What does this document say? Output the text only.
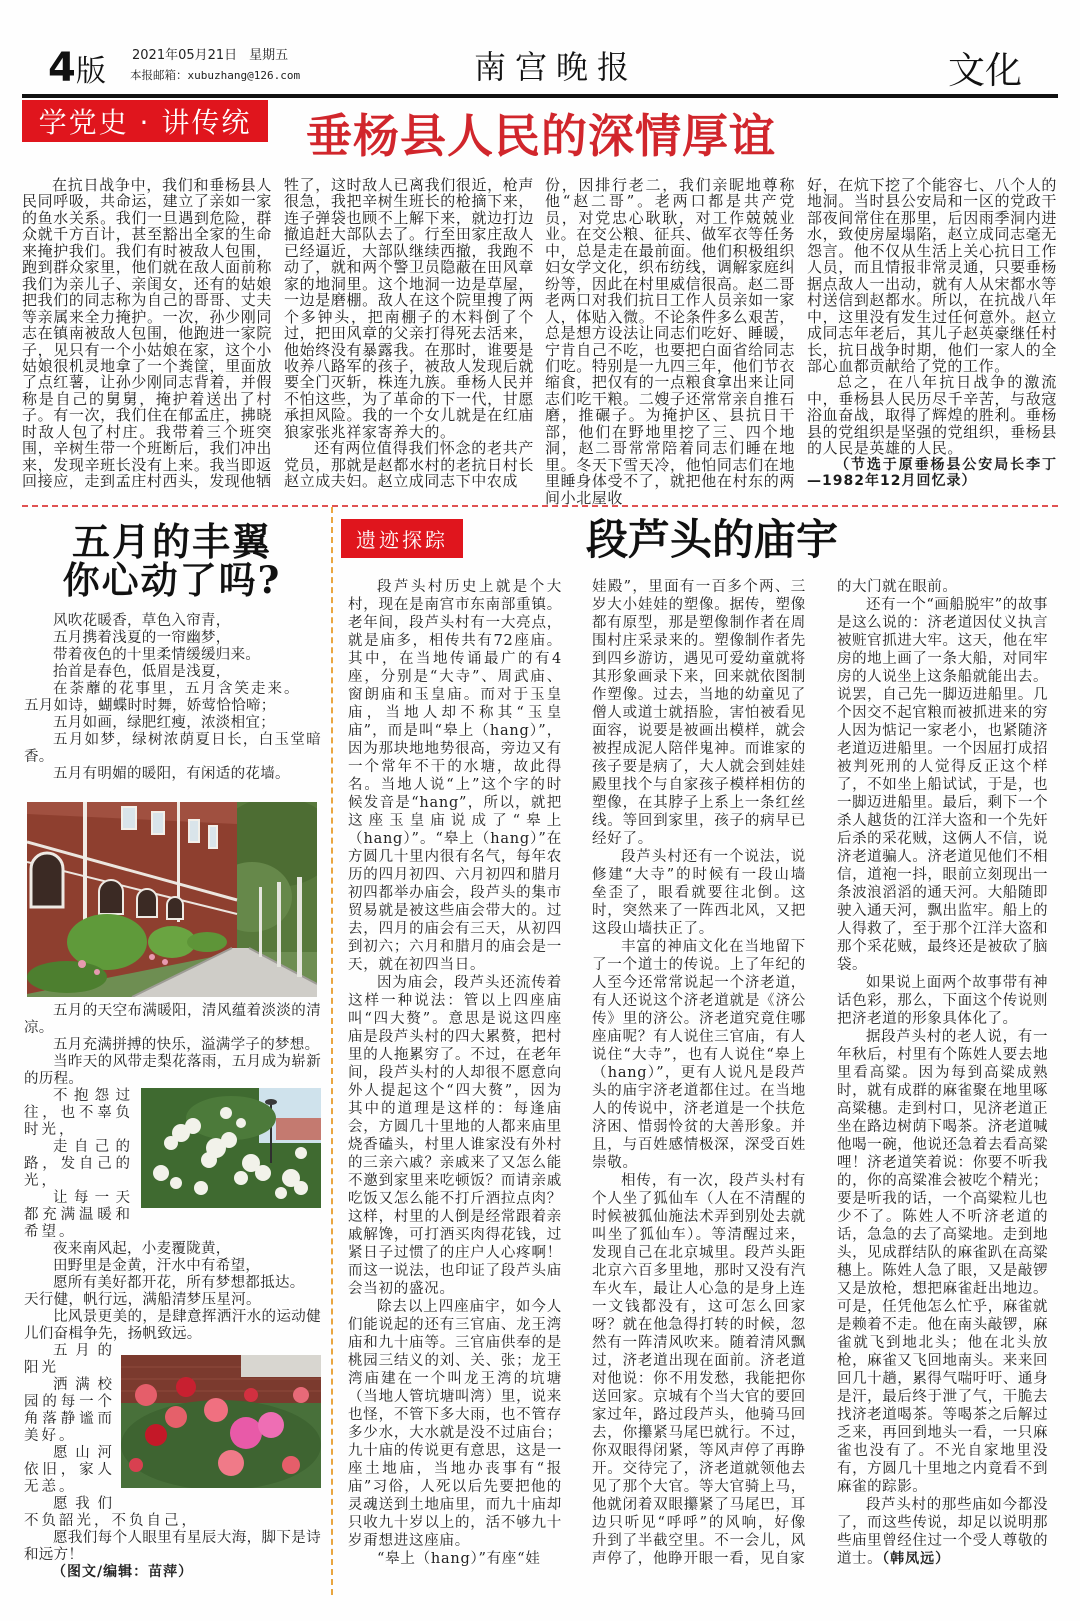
4版 2021年05月21日 星期五
本报邮箱：xubuzhang@126.com	南宫晚报	文化
学党史 · 讲传统	垂杨县人民的深情厚谊

在抗日战争中，我们和垂杨县人民同呼吸，共命运，建立了亲如一家的鱼水关系。我们一旦遇到危险，群众就千方百计，甚至豁出全家的生命来掩护我们。我们有时被敌人包围，跑到群众家里，他们就在敌人面前称我们为亲儿子、亲闺女，还有的姑娘把我们的同志称为自己的哥哥、丈夫等亲属来全力掩护。一次，孙少刚同志在镇南被敌人包围，他跑进一家院子，见只有一个小姑娘在家，这个小姑娘很机灵地拿了一个粪筐，里面放了点红薯，让孙少刚同志背着，并假称是自己的舅舅，掩护着送出了村子。有一次，我们住在郁孟庄，拂晓时敌人包了村庄。我带着三个班突围，辛树生带一个班断后，我们冲出来，发现辛班长没有上来。我当即返回接应，走到孟庄村西头，发现他牺

牲了，这时敌人已离我们很近，枪声很急，我把辛树生班长的枪摘下来，连子弹袋也顾不上解下来，就边打边撤追赶大部队去了。行至田家庄敌人已经逼近，大部队继续西撤，我跑不动了，就和两个警卫员隐蔽在田风章家的地洞里。这个地洞一边是草屋，一边是磨棚。敌人在这个院里搜了两个多钟头，把南棚子的木料倒了个过，把田风章的父亲打得死去活来，他始终没有暴露我。在那时，谁要是收养八路军的孩子，被敌人发现后就要全门灭斩，株连九族。垂杨人民并不怕这些，为了革命的下一代，甘愿承担风险。我的一个女儿就是在红庙狼家张兆祥家寄养大的。

还有两位值得我们怀念的老共产党员，那就是赵都水村的老抗日村长赵立成夫妇。赵立成同志下中农成

份，因排行老二，我们亲昵地尊称他“赵二哥”。老两口都是共产党员，对党忠心耿耿，对工作兢兢业业。在交公粮、征兵、做军衣等任务中，总是走在最前面。他们积极组织妇女学文化，织布纺线，调解家庭纠纷等，因此在村里威信很高。赵二哥老两口对我们抗日工作人员亲如一家人，体贴入微。不论条件多么艰苦，总是想方设法让同志们吃好、睡暖，宁肯自己不吃，也要把白面省给同志们吃。特别是一九四三年，他们节衣缩食，把仅有的一点粮食拿出来让同志们吃干粮。二嫂子还常常亲自推石磨，推碾子。为掩护区、县抗日干部，他们在野地里挖了三、四个地洞，赵二哥常常陪着同志们睡在地里。冬天下雪天冷，他怕同志们在地里睡身体受不了，就把他在村东的两间小北屋收

好，在炕下挖了个能容七、八个人的地洞。当时县公安局和一区的党政干部夜间常住在那里，后因雨季洞内进水，致使房屋塌陷，赵立成同志毫无怨言。他不仅从生活上关心抗日工作人员，而且情报非常灵通，只要垂杨据点敌人一出动，就有人从宋都水等村送信到赵都水。所以，在抗战八年中，这里没有发生过任何意外。赵立成同志年老后，其儿子赵英豪继任村长，抗日战争时期，他们一家人的全部心血都贡献给了党的工作。

总之，在八年抗日战争的激流中，垂杨县人民历尽千辛苦，与敌寇浴血奋战，取得了辉煌的胜利。垂杨县的党组织是坚强的党组织，垂杨县的人民是英雄的人民。

（节选于原垂杨县公安局长李丁—1982年12月回忆录）

五月的丰翼
你心动了吗?

风吹花暖香，草色入帘青，

五月携着浅夏的一帘幽梦，

带着夜色的十里柔情缓缓归来。

抬首是春色，低眉是浅夏，

在荼蘼的花事里，五月含笑走来。

五月如诗，蝴蝶时时舞，娇莺恰恰啼；

五月如画，绿肥红瘦，浓淡相宜；

五月如梦，绿树浓荫夏日长，白玉堂暗香。

五月有明媚的暖阳，有闲适的花墙。

五月的天空布满暖阳，清风蕴着淡淡的清凉。

五月充满拼搏的快乐，溢满学子的梦想。

当昨天的风带走梨花落雨，五月成为崭新的历程。

不抱怨过往，也不辜负时光，

走自己的路，发自己的光，

让每一天都充满温暖和希望。

夜来南风起，小麦覆陇黄，

田野里是金黄，汗水中有希望，

愿所有美好都开花，所有梦想都抵达。

天行健，帆行远，满船清梦压星河。

比风景更美的，是肆意挥洒汗水的运动健儿们奋楫争先，扬帆致远。

五月的阳光

洒满校园的每一个角落静谧而美好。

愿山河依旧，家人无恙。

愿我们不负韶光，不负自己，

愿我们每个人眼里有星辰大海，脚下是诗和远方！

（图文/编辑：苗萍）

遗迹探踪	段芦头的庙宇

段芦头村历史上就是个大村，现在是南宫市东南部重镇。老年间，段芦头村有一大亮点，就是庙多，相传共有72座庙。其中，在当地传诵最广的有4座，分别是“大寺”、周武庙、窗朗庙和玉皇庙。而对于玉皇庙，当地人却不称其“玉皇庙”，而是叫“皋上（hang）”，因为那块地地势很高，旁边又有一个常年不干的水塘，故此得名。当地人说“上”这个字的时候发音是“hang”，所以，就把这座玉皇庙说成了“皋上（hang）”。“皋上（hang）”在方圆几十里内很有名气，每年农历的四月初四、六月初四和腊月初四都举办庙会，段芦头的集市贸易就是被这些庙会带大的。过去，四月的庙会有三天，从初四到初六；六月和腊月的庙会是一天，就在初四当日。

因为庙会，段芦头还流传着这样一种说法：管以上四座庙叫“四大赘”。意思是说这四座庙是段芦头村的四大累赘，把村里的人拖累穷了。不过，在老年间，段芦头村的人却很不愿意向外人提起这个“四大赘”，因为其中的道理是这样的：每逢庙会，方圆几十里地的人都来庙里烧香磕头，村里人谁家没有外村的三亲六戚？亲戚来了又怎么能不邀到家里来吃顿饭？而请亲戚吃饭又怎么能不打斤酒拉点肉？这样，村里的人倒是经常跟着亲戚解馋，可打酒买肉得花钱，过紧日子过惯了的庄户人心疼啊！而这一说法，也印证了段芦头庙会当初的盛况。

除去以上四座庙宇，如今人们能说起的还有三官庙、龙王湾庙和九十庙等。三官庙供奉的是桃园三结义的刘、关、张；龙王湾庙建在一个叫龙王湾的坑塘（当地人管坑塘叫湾）里，说来也怪，不管下多大雨，也不管存多少水，大水就是没不过庙台；九十庙的传说更有意思，这是一座土地庙，当地办丧事有“报庙”习俗，人死以后先要把他的灵魂送到土地庙里，而九十庙却只收九十岁以上的，活不够九十岁甭想进这座庙。

“皋上（hang）”有座“娃

娃殿”，里面有一百多个两、三岁大小娃娃的塑像。据传，塑像都有原型，那是塑像制作者在周围村庄采录来的。塑像制作者先到四乡游访，遇见可爱幼童就将其形象画录下来，回来就依图制作塑像。过去，当地的幼童见了僧人或道士就捂脸，害怕被看见面容，说要是被画出模样，就会被捏成泥人陪伴鬼神。而谁家的孩子要是病了，大人就会到娃娃殿里找个与自家孩子模样相仿的塑像，在其脖子上系上一条红丝线。等回到家里，孩子的病早已经好了。

段芦头村还有一个说法，说修建“大寺”的时候有一段山墙垒歪了，眼看就要往北倒。这时，突然来了一阵西北风，又把这段山墙扶正了。

丰富的神庙文化在当地留下了一个道士的传说。上了年纪的人至今还常常说起一个济老道，有人还说这个济老道就是《济公传》里的济公。济老道究竟住哪座庙呢？有人说住三官庙，有人说住“大寺”，也有人说住“皋上（hang）”，更有人说凡是段芦头的庙宇济老道都住过。在当地人的传说中，济老道是一个扶危济困、惜弱怜贫的大善形象。并且，与百姓感情极深，深受百姓崇敬。

相传，有一次，段芦头村有个人坐了狐仙车（人在不清醒的时候被狐仙施法术弄到别处去就叫坐了狐仙车）。等清醒过来，发现自己在北京城里。段芦头距北京六百多里地，那时又没有汽车火车，最让人心急的是身上连一文钱都没有，这可怎么回家呀？就在他急得打转的时候，忽然有一阵清风吹来。随着清风飘过，济老道出现在面前。济老道对他说：你不用发愁，我能把你送回家。京城有个当大官的要回家过年，路过段芦头，他骑马回去，你攥紧马尾巴就行。不过，你双眼得闭紧，等风声停了再睁开。交待完了，济老道就领他去见了那个大官。等大官骑上马，他就闭着双眼攥紧了马尾巴，耳边只听见“呼呼”的风响，好像升到了半截空里。不一会儿，风声停了，他睁开眼一看，见自家

的大门就在眼前。

还有一个“画船脱牢”的故事是这么说的：济老道因仗义执言被赃官抓进大牢。这天，他在牢房的地上画了一条大船，对同牢房的人说坐上这条船就能出去。说罢，自己先一脚迈进船里。几个因交不起官粮而被抓进来的穷人因为惦记一家老小，也紧随济老道迈进船里。一个因屈打成招被判死刑的人觉得反正这个样了，不如坐上船试试，于是，也一脚迈进船里。最后，剩下一个杀人越货的江洋大盗和一个先奸后杀的采花贼，这俩人不信，说济老道骗人。济老道见他们不相信，道袍一抖，眼前立刻现出一条波浪滔滔的通天河。大船随即驶入通天河，飘出监牢。船上的人得救了，至于那个江洋大盗和那个采花贼，最终还是被砍了脑袋。

如果说上面两个故事带有神话色彩，那么，下面这个传说则把济老道的形象具体化了。

据段芦头村的老人说，有一年秋后，村里有个陈姓人要去地里看高粱。因为每到高粱成熟时，就有成群的麻雀聚在地里啄高粱穗。走到村口，见济老道正坐在路边树荫下喝茶。济老道喊他喝一碗，他说还急着去看高粱哩！济老道笑着说：你要不听我的，你的高粱准会被吃个精光；要是听我的话，一个高粱粒儿也少不了。陈姓人不听济老道的话，急急的去了高粱地。走到地头，见成群结队的麻雀趴在高粱穗上。陈姓人急了眼，又是敲锣又是放枪，想把麻雀赶出地边。可是，任凭他怎么忙乎，麻雀就是赖着不走。他在南头敲锣，麻雀就飞到地北头；他在北头放枪，麻雀又飞回地南头。来来回回几十趟，累得气喘吁吁、通身是汗，最后终于泄了气，干脆去找济老道喝茶。等喝茶之后解过乏来，再回到地头一看，一只麻雀也没有了。不光自家地里没有，方圆几十里地之内竟看不到麻雀的踪影。

段芦头村的那些庙如今都没了，而这些传说，却足以说明那些庙里曾经住过一个受人尊敬的道士。（韩凤远）
